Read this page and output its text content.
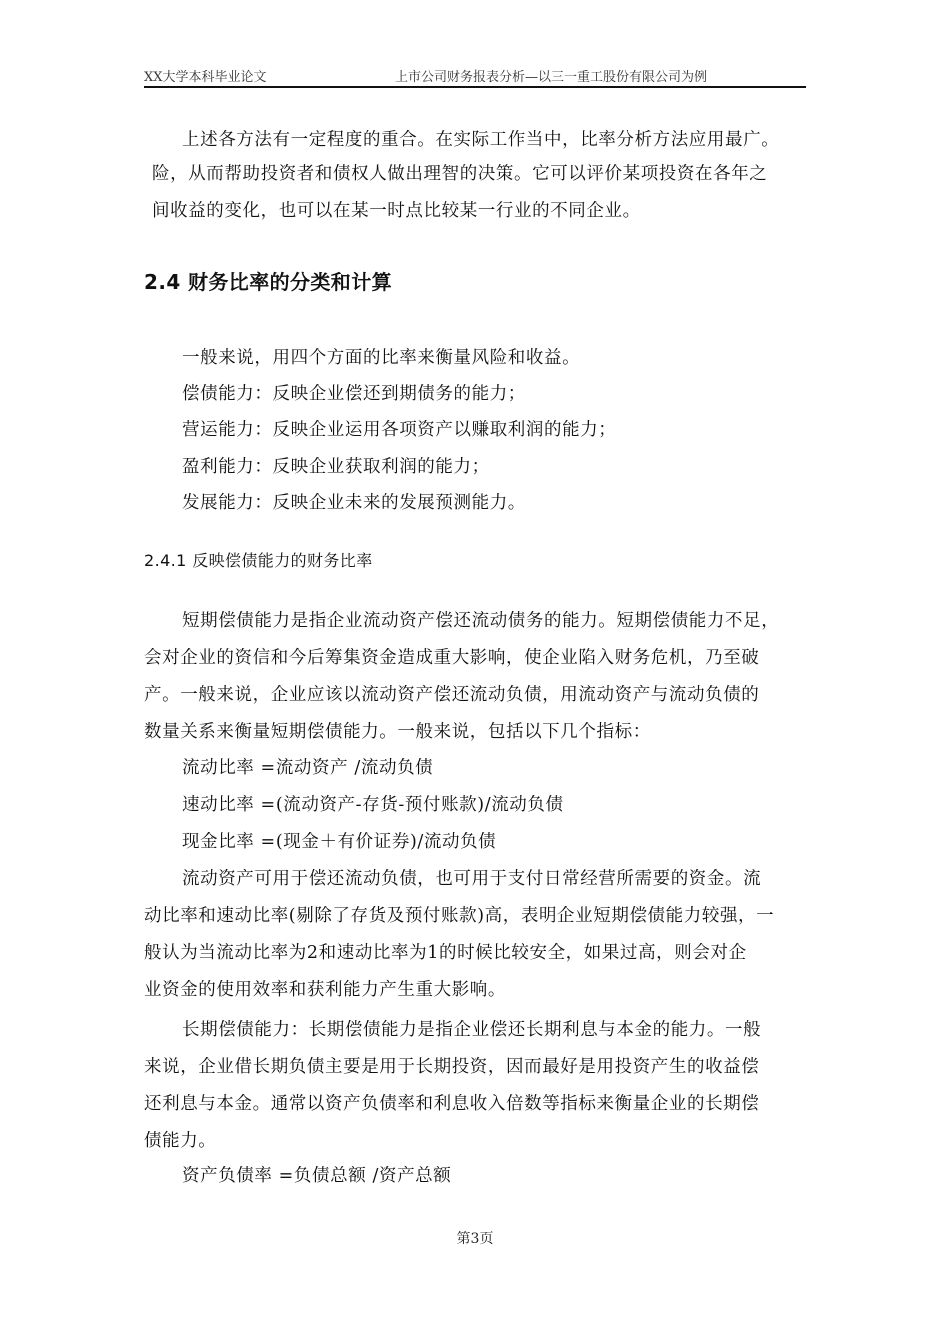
XX大学本科毕业论文	上市公司财务报表分析—以三一重工股份有限公司为例
上述各方法有一定程度的重合。在实际工作当中，比率分析方法应用最广。
险，从而帮助投资者和债权人做出理智的决策。它可以评价某项投资在各年之
间收益的变化，也可以在某一时点比较某一行业的不同企业。
2.4 财务比率的分类和计算
一般来说，用四个方面的比率来衡量风险和收益。
偿债能力：反映企业偿还到期债务的能力；
营运能力：反映企业运用各项资产以赚取利润的能力；
盈利能力：反映企业获取利润的能力；
发展能力：反映企业未来的发展预测能力。
2.4.1 反映偿债能力的财务比率
短期偿债能力是指企业流动资产偿还流动债务的能力。短期偿债能力不足，
会对企业的资信和今后筹集资金造成重大影响，使企业陷入财务危机，乃至破
产。一般来说，企业应该以流动资产偿还流动负债，用流动资产与流动负债的
数量关系来衡量短期偿债能力。一般来说，包括以下几个指标：
流动比率 =流动资产 /流动负债
速动比率 =(流动资产-存货-预付账款)/流动负债
现金比率 =(现金＋有价证券)/流动负债
流动资产可用于偿还流动负债，也可用于支付日常经营所需要的资金。流
动比率和速动比率(剔除了存货及预付账款)高，表明企业短期偿债能力较强，一
般认为当流动比率为2和速动比率为1的时候比较安全，如果过高，则会对企
业资金的使用效率和获利能力产生重大影响。
长期偿债能力：长期偿债能力是指企业偿还长期利息与本金的能力。一般
来说，企业借长期负债主要是用于长期投资，因而最好是用投资产生的收益偿
还利息与本金。通常以资产负债率和利息收入倍数等指标来衡量企业的长期偿
债能力。
资产负债率 =负债总额 /资产总额
第3页
